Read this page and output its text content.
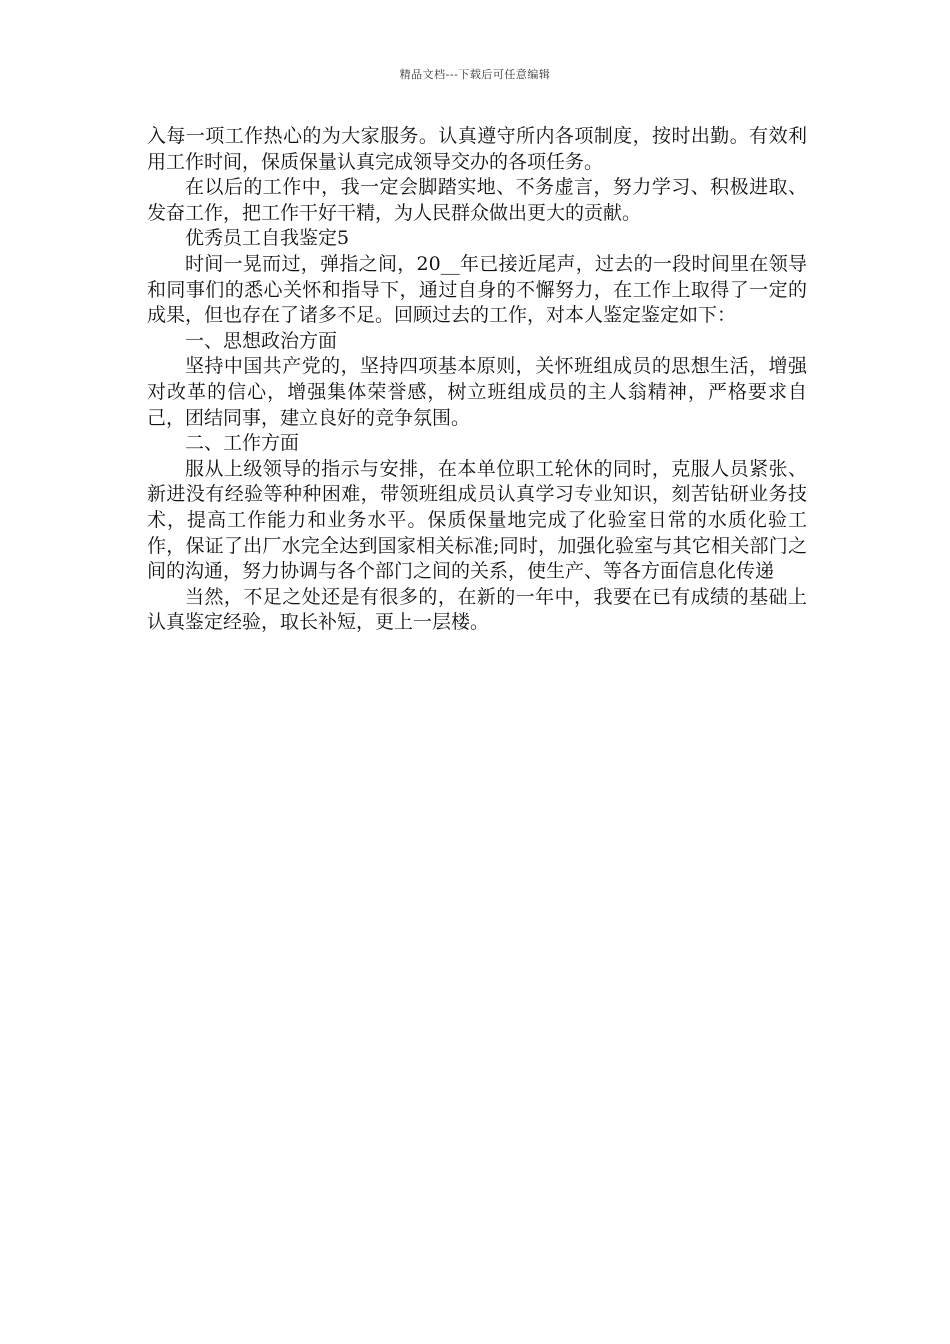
精品文档---下载后可任意编辑

入每一项工作热心的为大家服务。认真遵守所内各项制度，按时出勤。有效利用工作时间，保质保量认真完成领导交办的各项任务。

在以后的工作中，我一定会脚踏实地、不务虚言，努力学习、积极进取、发奋工作，把工作干好干精，为人民群众做出更大的贡献。

优秀员工自我鉴定5

时间一晃而过，弹指之间，20__年已接近尾声，过去的一段时间里在领导和同事们的悉心关怀和指导下，通过自身的不懈努力，在工作上取得了一定的成果，但也存在了诸多不足。回顾过去的工作，对本人鉴定鉴定如下：

一、思想政治方面

坚持中国共产党的，坚持四项基本原则，关怀班组成员的思想生活，增强对改革的信心，增强集体荣誉感，树立班组成员的主人翁精神，严格要求自己，团结同事，建立良好的竞争氛围。

二、工作方面

服从上级领导的指示与安排，在本单位职工轮休的同时，克服人员紧张、新进没有经验等种种困难，带领班组成员认真学习专业知识，刻苦钻研业务技术，提高工作能力和业务水平。保质保量地完成了化验室日常的水质化验工作，保证了出厂水完全达到国家相关标准;同时，加强化验室与其它相关部门之间的沟通，努力协调与各个部门之间的关系，使生产、等各方面信息化传递

当然，不足之处还是有很多的，在新的一年中，我要在已有成绩的基础上认真鉴定经验，取长补短，更上一层楼。
